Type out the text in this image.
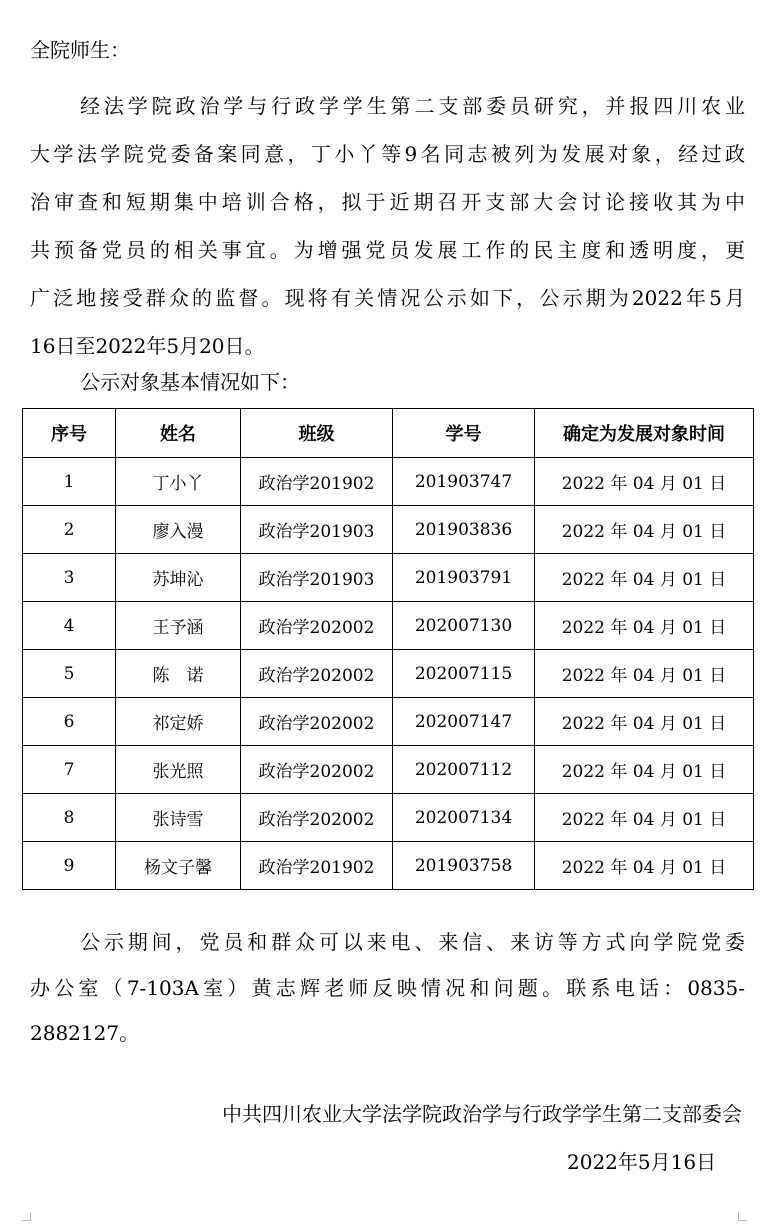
全院师生：
经法学院政治学与行政学学生第二支部委员研究，并报四川农业
大学法学院党委备案同意，丁小丫等9名同志被列为发展对象，经过政
治审查和短期集中培训合格，拟于近期召开支部大会讨论接收其为中
共预备党员的相关事宜。为增强党员发展工作的民主度和透明度，更
广泛地接受群众的监督。现将有关情况公示如下，公示期为2022年5月
16日至2022年5月20日。
公示对象基本情况如下：
序号	姓名	班级	学号	确定为发展对象时间
1	丁小丫	政治学201902	201903747	2022 年 04 月 01 日
2	廖入漫	政治学201903	201903836	2022 年 04 月 01 日
3	苏坤沁	政治学201903	201903791	2022 年 04 月 01 日
4	王予涵	政治学202002	202007130	2022 年 04 月 01 日
5	陈　诺	政治学202002	202007115	2022 年 04 月 01 日
6	祁定娇	政治学202002	202007147	2022 年 04 月 01 日
7	张光照	政治学202002	202007112	2022 年 04 月 01 日
8	张诗雪	政治学202002	202007134	2022 年 04 月 01 日
9	杨文子馨	政治学201902	201903758	2022 年 04 月 01 日
公示期间，党员和群众可以来电、来信、来访等方式向学院党委
办公室（7-103A室）黄志辉老师反映情况和问题。联系电话：0835-
2882127。
中共四川农业大学法学院政治学与行政学学生第二支部委会
2022年5月16日
